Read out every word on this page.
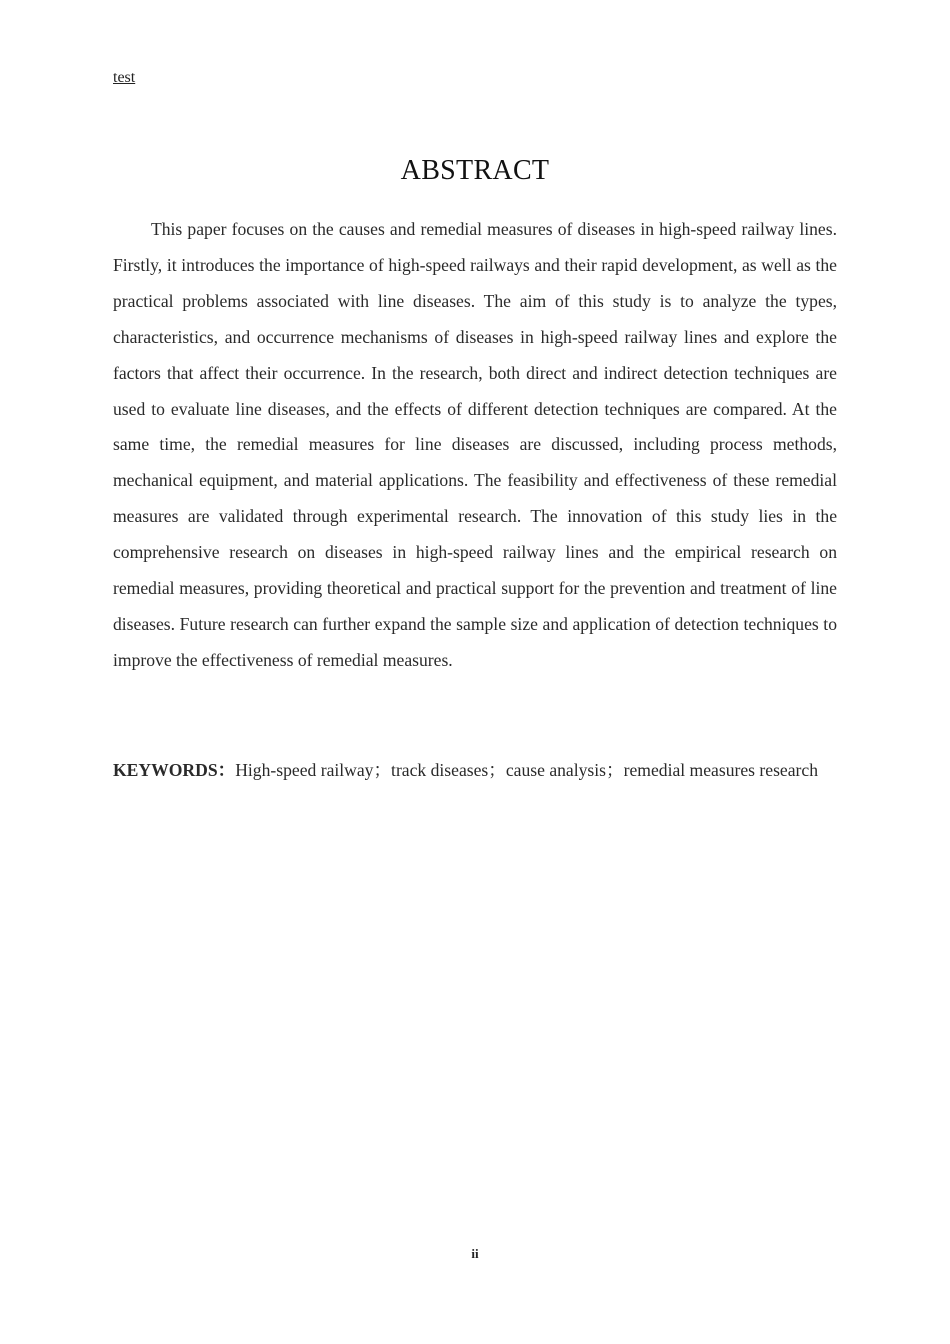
test
ABSTRACT

This paper focuses on the causes and remedial measures of diseases in high-speed railway lines. Firstly, it introduces the importance of high-speed railways and their rapid development, as well as the practical problems associated with line diseases. The aim of this study is to analyze the types, characteristics, and occurrence mechanisms of diseases in high-speed railway lines and explore the factors that affect their occurrence. In the research, both direct and indirect detection techniques are used to evaluate line diseases, and the effects of different detection techniques are compared. At the same time, the remedial measures for line diseases are discussed, including process methods, mechanical equipment, and material applications. The feasibility and effectiveness of these remedial measures are validated through experimental research. The innovation of this study lies in the comprehensive research on diseases in high-speed railway lines and the empirical research on remedial measures, providing theoretical and practical support for the prevention and treatment of line diseases. Future research can further expand the sample size and application of detection techniques to improve the effectiveness of remedial measures.

KEYWORDS：High-speed railway；track diseases；cause analysis；remedial measures research

ii
